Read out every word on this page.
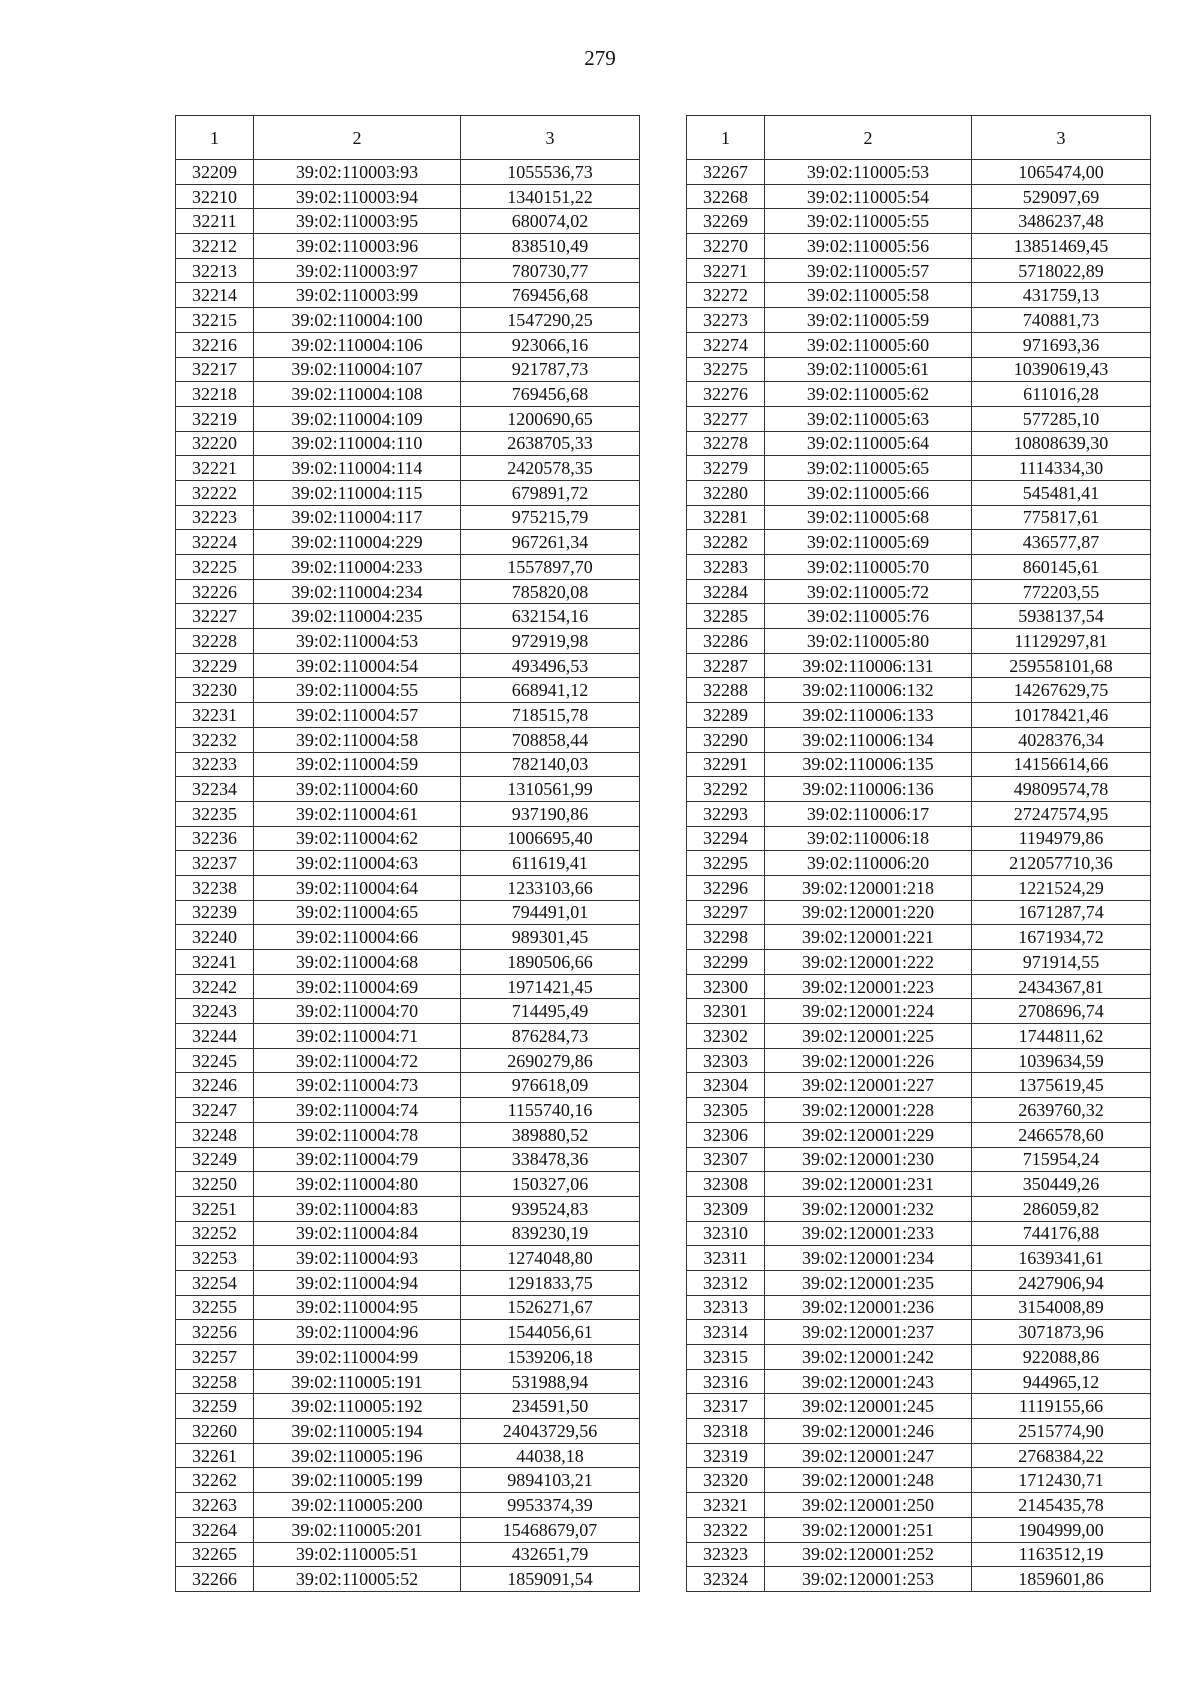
279
1	2	3
32209	39:02:110003:93	1055536,73
32210	39:02:110003:94	1340151,22
32211	39:02:110003:95	680074,02
32212	39:02:110003:96	838510,49
32213	39:02:110003:97	780730,77
32214	39:02:110003:99	769456,68
32215	39:02:110004:100	1547290,25
32216	39:02:110004:106	923066,16
32217	39:02:110004:107	921787,73
32218	39:02:110004:108	769456,68
32219	39:02:110004:109	1200690,65
32220	39:02:110004:110	2638705,33
32221	39:02:110004:114	2420578,35
32222	39:02:110004:115	679891,72
32223	39:02:110004:117	975215,79
32224	39:02:110004:229	967261,34
32225	39:02:110004:233	1557897,70
32226	39:02:110004:234	785820,08
32227	39:02:110004:235	632154,16
32228	39:02:110004:53	972919,98
32229	39:02:110004:54	493496,53
32230	39:02:110004:55	668941,12
32231	39:02:110004:57	718515,78
32232	39:02:110004:58	708858,44
32233	39:02:110004:59	782140,03
32234	39:02:110004:60	1310561,99
32235	39:02:110004:61	937190,86
32236	39:02:110004:62	1006695,40
32237	39:02:110004:63	611619,41
32238	39:02:110004:64	1233103,66
32239	39:02:110004:65	794491,01
32240	39:02:110004:66	989301,45
32241	39:02:110004:68	1890506,66
32242	39:02:110004:69	1971421,45
32243	39:02:110004:70	714495,49
32244	39:02:110004:71	876284,73
32245	39:02:110004:72	2690279,86
32246	39:02:110004:73	976618,09
32247	39:02:110004:74	1155740,16
32248	39:02:110004:78	389880,52
32249	39:02:110004:79	338478,36
32250	39:02:110004:80	150327,06
32251	39:02:110004:83	939524,83
32252	39:02:110004:84	839230,19
32253	39:02:110004:93	1274048,80
32254	39:02:110004:94	1291833,75
32255	39:02:110004:95	1526271,67
32256	39:02:110004:96	1544056,61
32257	39:02:110004:99	1539206,18
32258	39:02:110005:191	531988,94
32259	39:02:110005:192	234591,50
32260	39:02:110005:194	24043729,56
32261	39:02:110005:196	44038,18
32262	39:02:110005:199	9894103,21
32263	39:02:110005:200	9953374,39
32264	39:02:110005:201	15468679,07
32265	39:02:110005:51	432651,79
32266	39:02:110005:52	1859091,54
1	2	3
32267	39:02:110005:53	1065474,00
32268	39:02:110005:54	529097,69
32269	39:02:110005:55	3486237,48
32270	39:02:110005:56	13851469,45
32271	39:02:110005:57	5718022,89
32272	39:02:110005:58	431759,13
32273	39:02:110005:59	740881,73
32274	39:02:110005:60	971693,36
32275	39:02:110005:61	10390619,43
32276	39:02:110005:62	611016,28
32277	39:02:110005:63	577285,10
32278	39:02:110005:64	10808639,30
32279	39:02:110005:65	1114334,30
32280	39:02:110005:66	545481,41
32281	39:02:110005:68	775817,61
32282	39:02:110005:69	436577,87
32283	39:02:110005:70	860145,61
32284	39:02:110005:72	772203,55
32285	39:02:110005:76	5938137,54
32286	39:02:110005:80	11129297,81
32287	39:02:110006:131	259558101,68
32288	39:02:110006:132	14267629,75
32289	39:02:110006:133	10178421,46
32290	39:02:110006:134	4028376,34
32291	39:02:110006:135	14156614,66
32292	39:02:110006:136	49809574,78
32293	39:02:110006:17	27247574,95
32294	39:02:110006:18	1194979,86
32295	39:02:110006:20	212057710,36
32296	39:02:120001:218	1221524,29
32297	39:02:120001:220	1671287,74
32298	39:02:120001:221	1671934,72
32299	39:02:120001:222	971914,55
32300	39:02:120001:223	2434367,81
32301	39:02:120001:224	2708696,74
32302	39:02:120001:225	1744811,62
32303	39:02:120001:226	1039634,59
32304	39:02:120001:227	1375619,45
32305	39:02:120001:228	2639760,32
32306	39:02:120001:229	2466578,60
32307	39:02:120001:230	715954,24
32308	39:02:120001:231	350449,26
32309	39:02:120001:232	286059,82
32310	39:02:120001:233	744176,88
32311	39:02:120001:234	1639341,61
32312	39:02:120001:235	2427906,94
32313	39:02:120001:236	3154008,89
32314	39:02:120001:237	3071873,96
32315	39:02:120001:242	922088,86
32316	39:02:120001:243	944965,12
32317	39:02:120001:245	1119155,66
32318	39:02:120001:246	2515774,90
32319	39:02:120001:247	2768384,22
32320	39:02:120001:248	1712430,71
32321	39:02:120001:250	2145435,78
32322	39:02:120001:251	1904999,00
32323	39:02:120001:252	1163512,19
32324	39:02:120001:253	1859601,86
